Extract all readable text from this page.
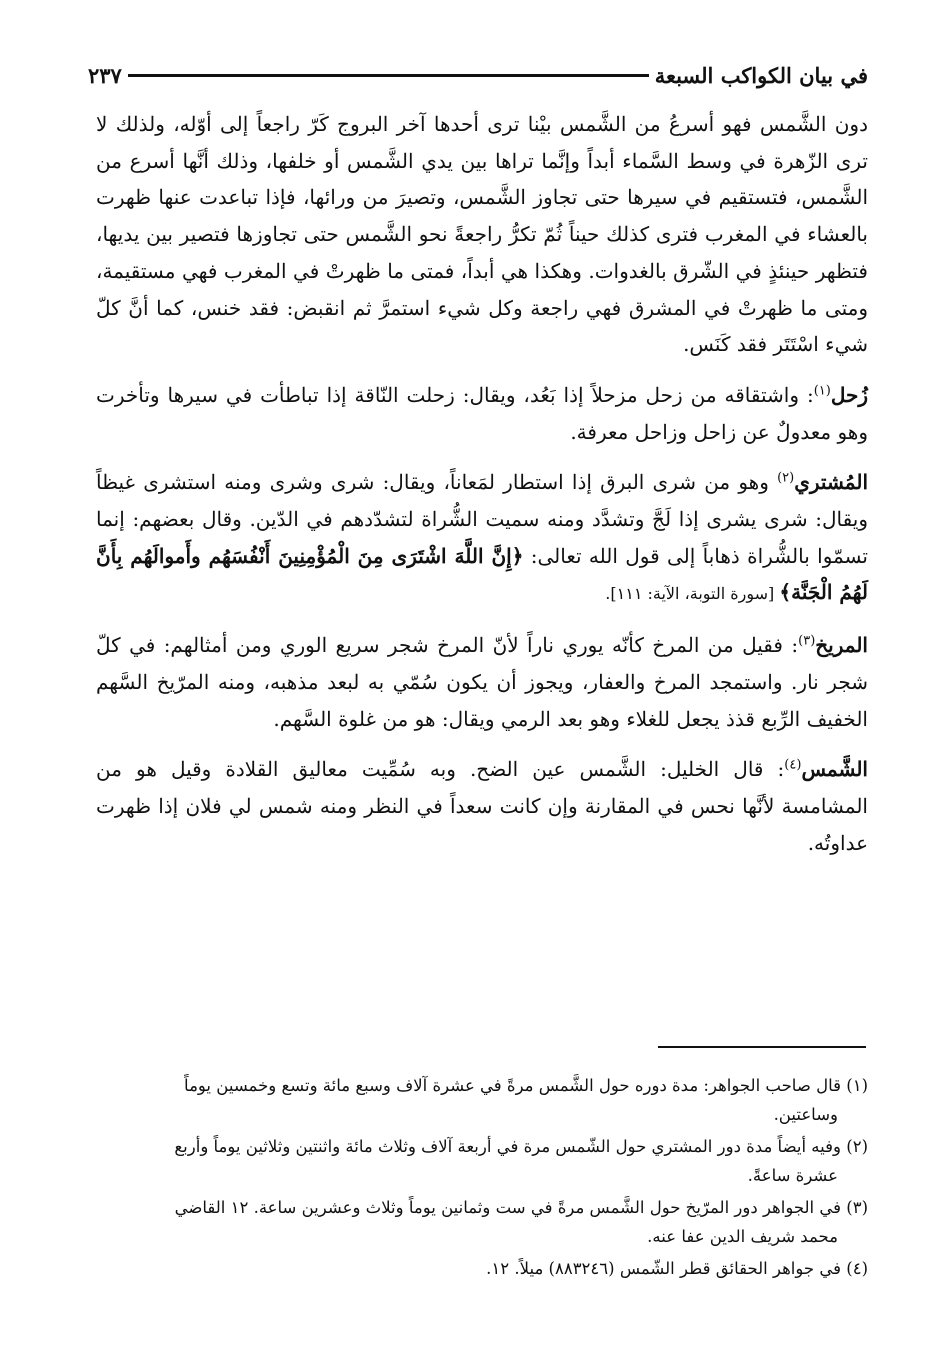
في بيان الكواكب السبعة
٢٣٧

دون الشَّمس فهو أسرعُ من الشَّمس بيْنا ترى أحدها آخر البروج كَرّ راجعاً إلى أوّله، ولذلك لا ترى الزّهرة في وسط السَّماء أبداً وإنَّما تراها بين يدي الشَّمس أو خلفها، وذلك أنَّها أسرع من الشَّمس، فتستقيم في سيرها حتى تجاوز الشَّمس، وتصيرَ من ورائها، فإذا تباعدت عنها ظهرت بالعشاء في المغرب فترى كذلك حيناً ثُمّ تكرُّ راجعةً نحو الشَّمس حتى تجاوزها فتصير بين يديها، فتظهر حينئذٍ في الشّرق بالغدوات. وهكذا هي أبداً، فمتى ما ظهرتْ في المغرب فهي مستقيمة، ومتى ما ظهرتْ في المشرق فهي راجعة وكل شيء استمرَّ ثم انقبض: فقد خنس، كما أنَّ كلّ شيء اسْتَتَر فقد كَنَس.

زُحل$^{(١)}$: واشتقاقه من زحل مزحلاً إذا بَعُد، ويقال: زحلت النّاقة إذا تباطأت في سيرها وتأخرت وهو معدولٌ عن زاحل وزاحل معرفة.

المُشتري$^{(٢)}$ وهو من شرى البرق إذا استطار لمَعاناً، ويقال: شرى وشرى ومنه استشرى غيظاً ويقال: شرى يشرى إذا لَجَّ وتشدَّد ومنه سميت الشُّراة لتشدّدهم في الدّين. وقال بعضهم: إنما تسمّوا بالشُّراة ذهاباً إلى قول الله تعالى: ﴿إِنَّ اللَّهَ اشْتَرَى مِنَ الْمُؤْمِنِينَ أَنْفُسَهُم وأَموالَهُم بِأَنَّ لَهُمُ الْجَنَّة﴾ [سورة التوبة، الآية: ١١١].

المريخ$^{(٣)}$: فقيل من المرخ كأنّه يوري ناراً لأنّ المرخ شجر سريع الوري ومن أمثالهم: في كلّ شجر نار. واستمجد المرخ والعفار، ويجوز أن يكون سُمّي به لبعد مذهبه، ومنه المرّيخ السَّهم الخفيف الرِّبع قذذ يجعل للغلاء وهو بعد الرمي ويقال: هو من غلوة السَّهم.

الشَّمس$^{(٤)}$: قال الخليل: الشَّمس عين الضح. وبه سُمِّيت معاليق القلادة وقيل هو من المشامسة لأنَّها نحس في المقارنة وإن كانت سعداً في النظر ومنه شمس لي فلان إذا ظهرت عداوتُه.

(١) قال صاحب الجواهر: مدة دوره حول الشَّمس مرةً في عشرة آلاف وسبع مائة وتسع وخمسين يوماً
وساعتين.

(٢) وفيه أيضاً مدة دور المشتري حول الشّمس مرة في أربعة آلاف وثلاث مائة واثنتين وثلاثين يوماً وأربع
عشرة ساعةً.

(٣) في الجواهر دور المرّيخ حول الشَّمس مرةً في ست وثمانين يوماً وثلاث وعشرين ساعة. ١٢ القاضي
محمد شريف الدين عفا عنه.

(٤) في جواهر الحقائق قطر الشّمس (٨٨٣٢٤٦) ميلاً. ١٢.
